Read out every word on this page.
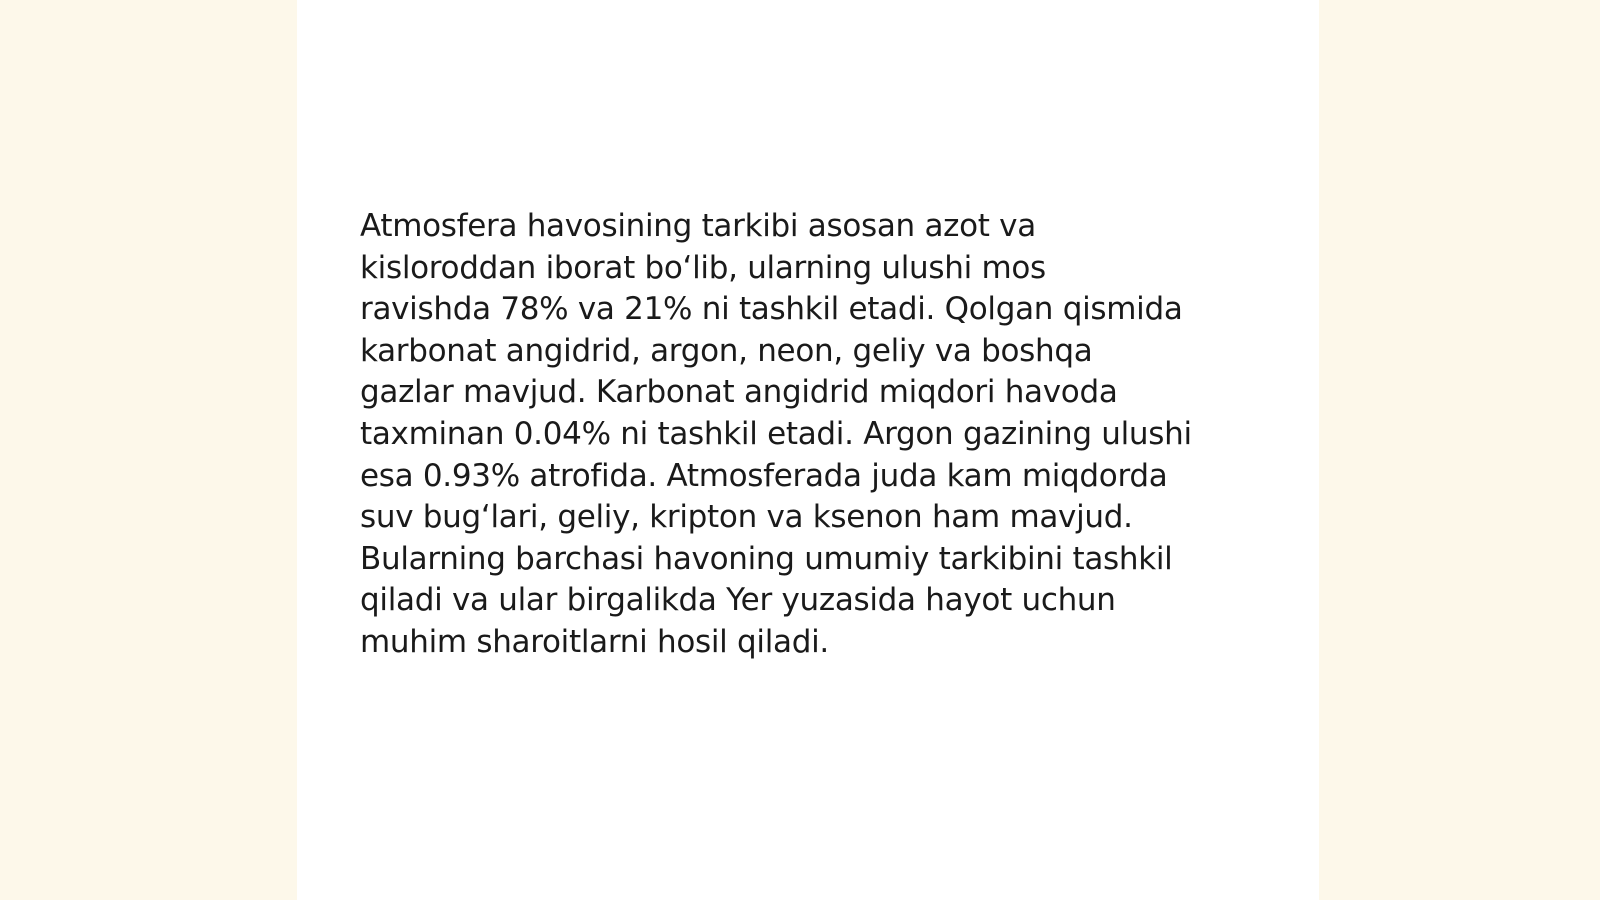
Atmosfera havosining tarkibi asosan azot va
kisloroddan iborat bo‘lib, ularning ulushi mos
ravishda 78% va 21% ni tashkil etadi. Qolgan qismida
karbonat angidrid, argon, neon, geliy va boshqa
gazlar mavjud. Karbonat angidrid miqdori havoda
taxminan 0.04% ni tashkil etadi. Argon gazining ulushi
esa 0.93% atrofida. Atmosferada juda kam miqdorda
suv bug‘lari, geliy, kripton va ksenon ham mavjud.
Bularning barchasi havoning umumiy tarkibini tashkil
qiladi va ular birgalikda Yer yuzasida hayot uchun
muhim sharoitlarni hosil qiladi.
